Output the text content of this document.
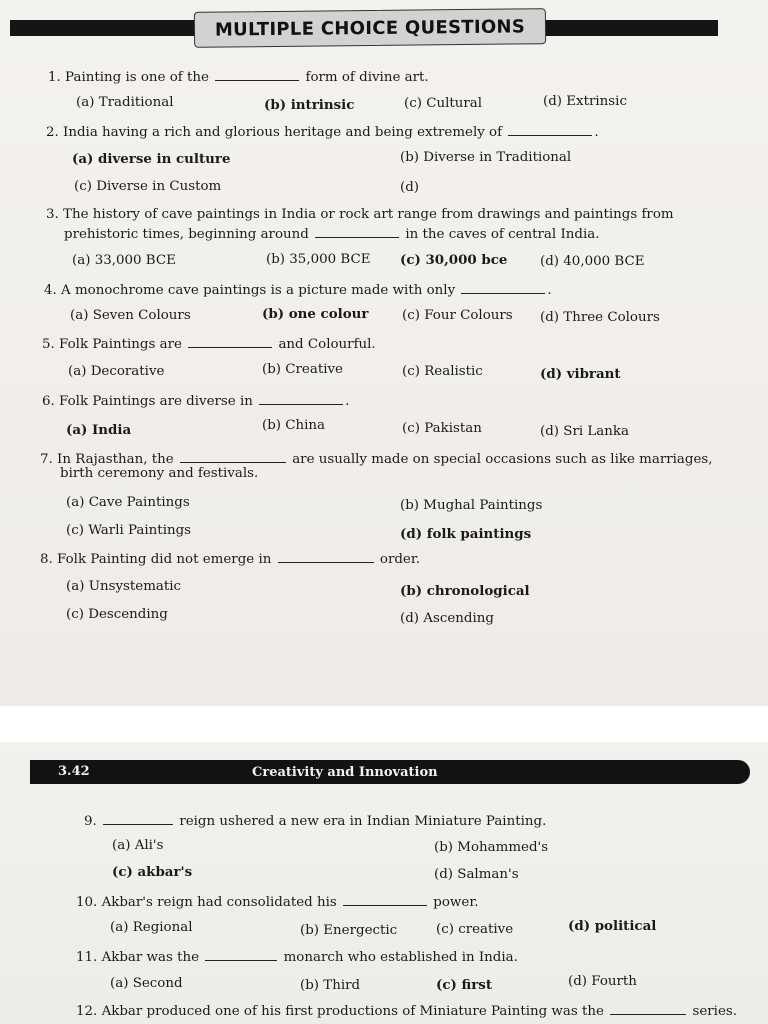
MULTIPLE CHOICE QUESTIONS
1. Painting is one of the	form of divine art.
(a) Traditional	(b) intrinsic	(c) Cultural	(d) Extrinsic
2. India having a rich and glorious heritage and being extremely of	.
(a) diverse in culture	(b) Diverse in Traditional
(c) Diverse in Custom	(d)
3. The history of cave paintings in India or rock art range from drawings and paintings from
prehistoric times, beginning around	in the caves of central India.
(a) 33,000 BCE	(b) 35,000 BCE (c) 30,000 bce (d) 40,000 BCE
4. A monochrome cave paintings is a picture made with only	.
(a) Seven Colours	(b) one colour	(c) Four Colours (d) Three Colours
5. Folk Paintings are	and Colourful.
(a) Decorative	(b) Creative	(c) Realistic	(d) vibrant
6. Folk Paintings are diverse in	.
(a) India	(b) China	(c) Pakistan	(d) Sri Lanka
7. In Rajasthan, the	are usually made on special occasions such as like marriages,
birth ceremony and festivals.
(a) Cave Paintings	(b) Mughal Paintings
(c) Warli Paintings	(d) folk paintings
8. Folk Painting did not emerge in	order.
(a) Unsystematic	(b) chronological
(c) Descending	(d) Ascending
3.42	Creativity and Innovation
9.	reign ushered a new era in Indian Miniature Painting.
(a) Ali's	(b) Mohammed's
(c) akbar's	(d) Salman's
10. Akbar's reign had consolidated his	power.
(a) Regional	(b) Energectic	(c) creative	(d) political
11. Akbar was the	monarch who established in India.
(a) Second	(b) Third	(c) first	(d) Fourth
12. Akbar produced one of his first productions of Miniature Painting was the	series.
